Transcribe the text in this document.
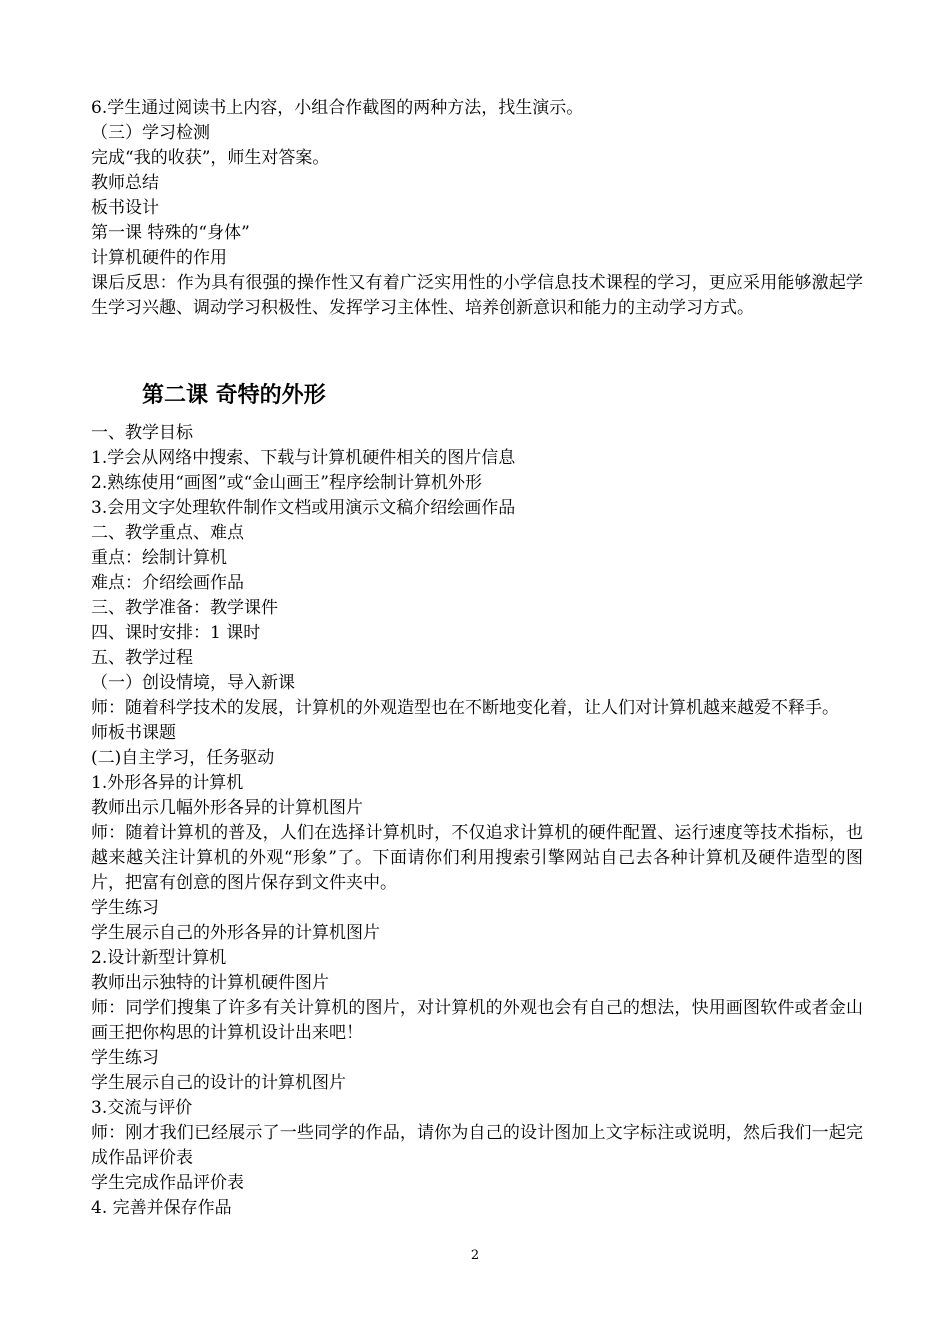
6.学生通过阅读书上内容，小组合作截图的两种方法，找生演示。
（三）学习检测
完成“我的收获”，师生对答案。
教师总结
板书设计
第一课 特殊的“身体”
计算机硬件的作用
课后反思：作为具有很强的操作性又有着广泛实用性的小学信息技术课程的学习，更应采用能够激起学生学习兴趣、调动学习积极性、发挥学习主体性、培养创新意识和能力的主动学习方式。
第二课 奇特的外形
一、教学目标
1.学会从网络中搜索、下载与计算机硬件相关的图片信息
2.熟练使用“画图”或“金山画王”程序绘制计算机外形
3.会用文字处理软件制作文档或用演示文稿介绍绘画作品
二、教学重点、难点
重点：绘制计算机
难点：介绍绘画作品
三、教学准备：教学课件
四、课时安排：1 课时
五、教学过程
（一）创设情境，导入新课
师：随着科学技术的发展，计算机的外观造型也在不断地变化着，让人们对计算机越来越爱不释手。
师板书课题
(二)自主学习，任务驱动
1.外形各异的计算机
教师出示几幅外形各异的计算机图片
师：随着计算机的普及，人们在选择计算机时，不仅追求计算机的硬件配置、运行速度等技术指标，也越来越关注计算机的外观“形象”了。下面请你们利用搜索引擎网站自己去各种计算机及硬件造型的图片，把富有创意的图片保存到文件夹中。
学生练习
学生展示自己的外形各异的计算机图片
2.设计新型计算机
教师出示独特的计算机硬件图片
师：同学们搜集了许多有关计算机的图片，对计算机的外观也会有自己的想法，快用画图软件或者金山画王把你构思的计算机设计出来吧！
学生练习
学生展示自己的设计的计算机图片
3.交流与评价
师：刚才我们已经展示了一些同学的作品，请你为自己的设计图加上文字标注或说明，然后我们一起完成作品评价表
学生完成作品评价表
4. 完善并保存作品
2
